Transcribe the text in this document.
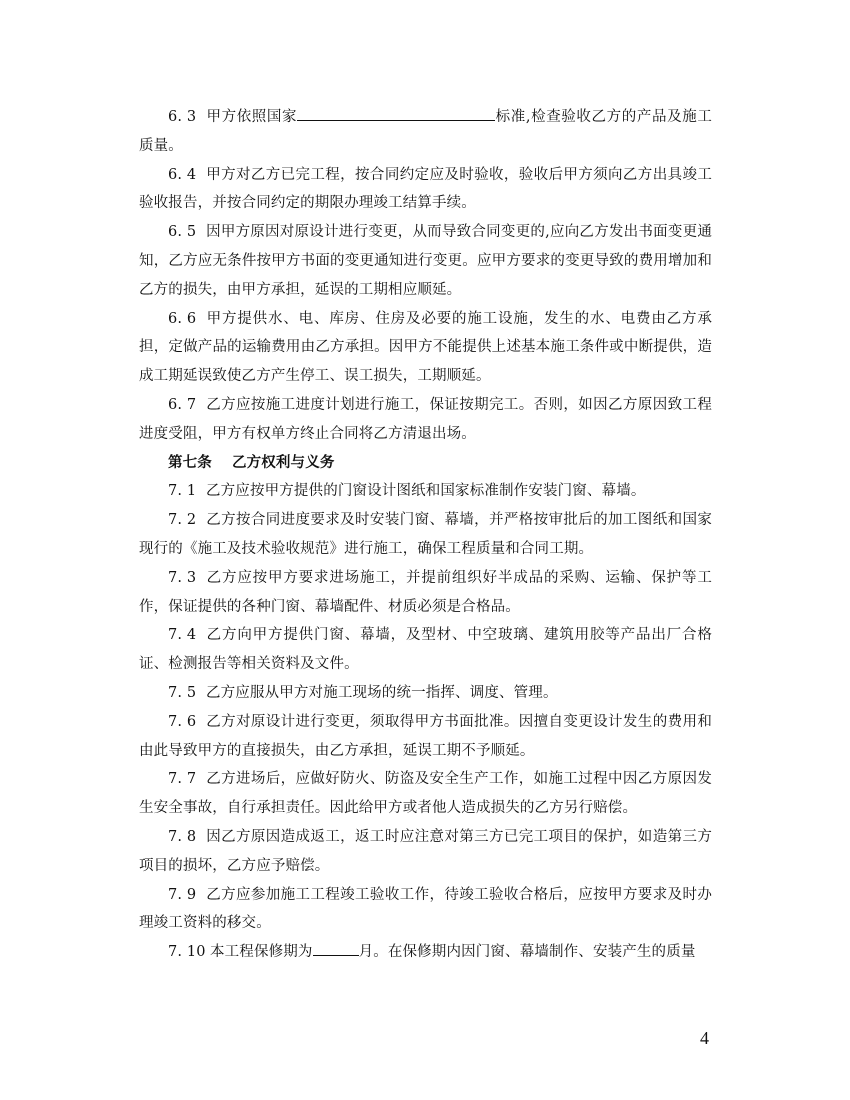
6. 3 甲方依照国家	标准,检查验收乙方的产品及施工质量。

6. 4 甲方对乙方已完工程，按合同约定应及时验收，验收后甲方须向乙方出具竣工验收报告，并按合同约定的期限办理竣工结算手续。

6. 5 因甲方原因对原设计进行变更，从而导致合同变更的,应向乙方发出书面变更通知，乙方应无条件按甲方书面的变更通知进行变更。应甲方要求的变更导致的费用增加和乙方的损失，由甲方承担，延误的工期相应顺延。

6. 6 甲方提供水、电、库房、住房及必要的施工设施，发生的水、电费由乙方承担，定做产品的运输费用由乙方承担。因甲方不能提供上述基本施工条件或中断提供，造成工期延误致使乙方产生停工、误工损失，工期顺延。

6. 7 乙方应按施工进度计划进行施工，保证按期完工。否则，如因乙方原因致工程进度受阻，甲方有权单方终止合同将乙方清退出场。

第七条 乙方权利与义务

7. 1 乙方应按甲方提供的门窗设计图纸和国家标准制作安装门窗、幕墙。

7. 2 乙方按合同进度要求及时安装门窗、幕墙，并严格按审批后的加工图纸和国家现行的《施工及技术验收规范》进行施工，确保工程质量和合同工期。

7. 3 乙方应按甲方要求进场施工，并提前组织好半成品的采购、运输、保护等工作，保证提供的各种门窗、幕墙配件、材质必须是合格品。

7. 4 乙方向甲方提供门窗、幕墙，及型材、中空玻璃、建筑用胶等产品出厂合格证、检测报告等相关资料及文件。

7. 5 乙方应服从甲方对施工现场的统一指挥、调度、管理。

7. 6 乙方对原设计进行变更，须取得甲方书面批准。因擅自变更设计发生的费用和由此导致甲方的直接损失，由乙方承担，延误工期不予顺延。

7. 7 乙方进场后，应做好防火、防盗及安全生产工作，如施工过程中因乙方原因发生安全事故，自行承担责任。因此给甲方或者他人造成损失的乙方另行赔偿。

7. 8 因乙方原因造成返工，返工时应注意对第三方已完工项目的保护，如造第三方项目的损坏，乙方应予赔偿。

7. 9 乙方应参加施工工程竣工验收工作，待竣工验收合格后，应按甲方要求及时办理竣工资料的移交。

7. 10 本工程保修期为	月。在保修期内因门窗、幕墙制作、安装产生的质量

4
